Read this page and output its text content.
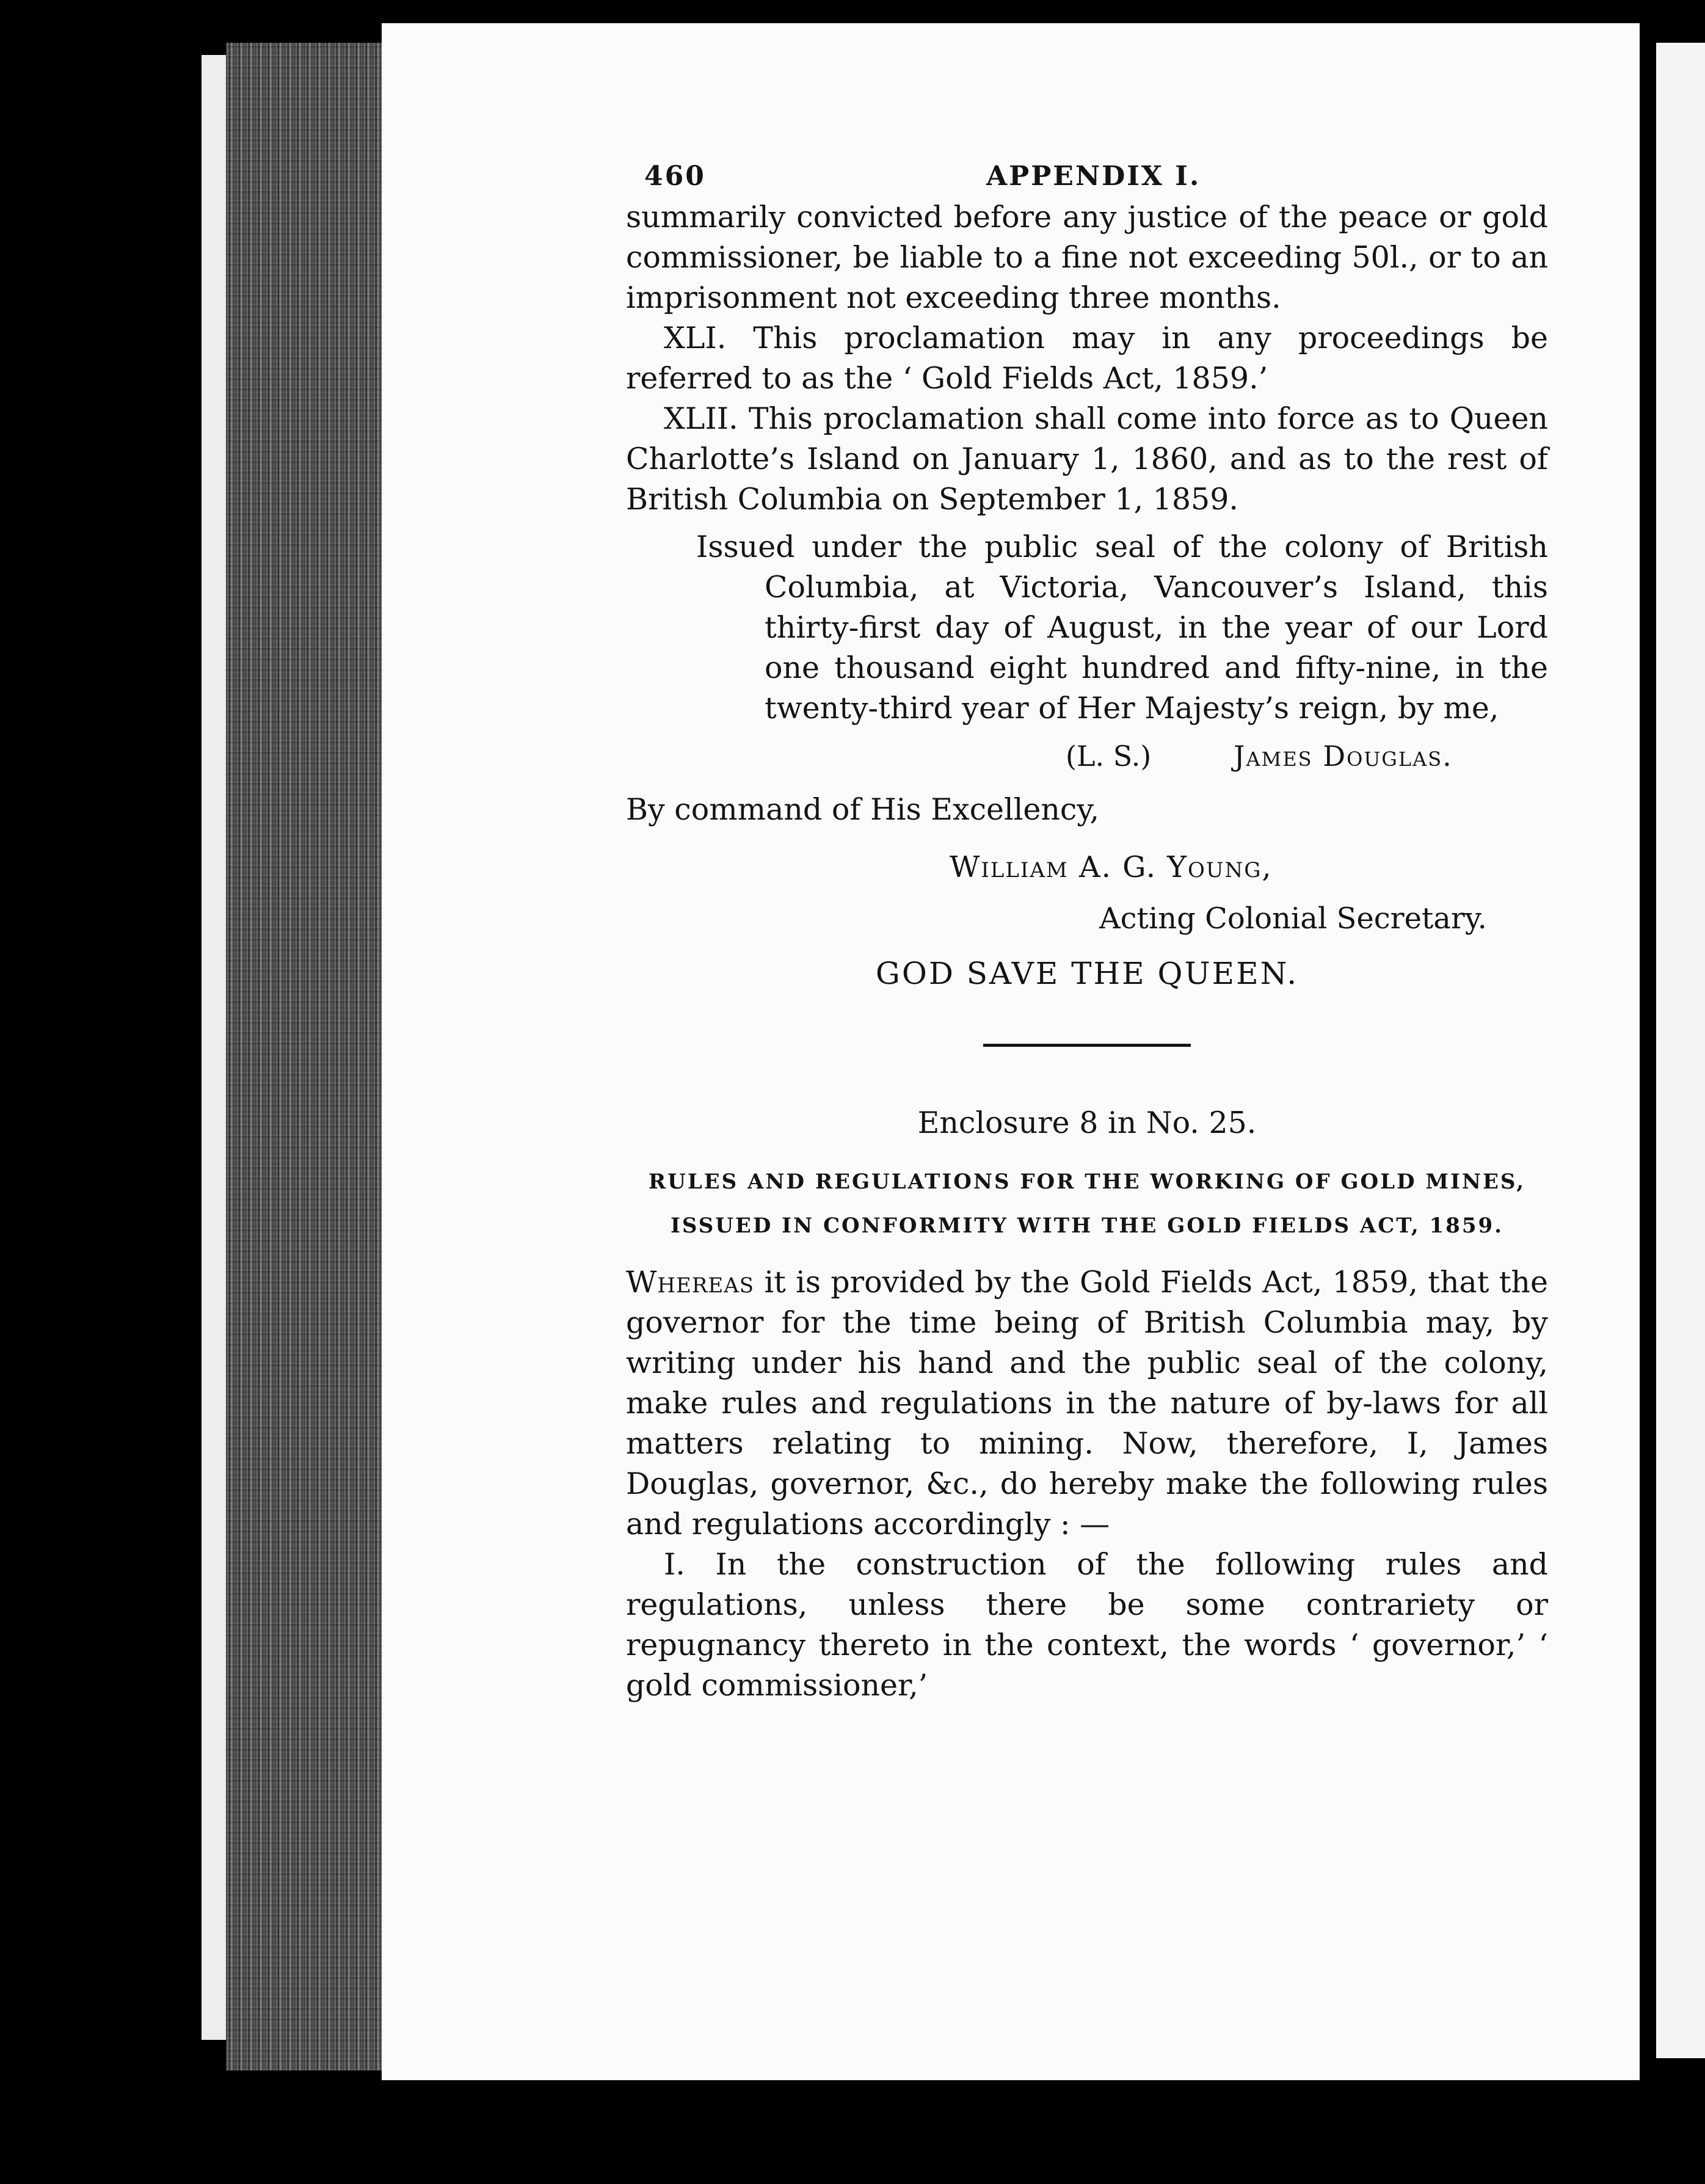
460	APPENDIX I.

summarily convicted before any justice of the peace or gold commissioner, be liable to a fine not exceeding 50l., or to an imprisonment not exceeding three months.

XLI. This proclamation may in any proceedings be referred to as the ‘ Gold Fields Act, 1859.’

XLII. This proclamation shall come into force as to Queen Charlotte’s Island on January 1, 1860, and as to the rest of British Columbia on September 1, 1859.

Issued under the public seal of the colony of British Columbia, at Victoria, Vancouver’s Island, this thirty-first day of August, in the year of our Lord one thousand eight hundred and fifty-nine, in the twenty-third year of Her Majesty’s reign, by me,

(L. S.)	James Douglas.
By command of His Excellency,
William A. G. Young,
Acting Colonial Secretary.
GOD SAVE THE QUEEN.
Enclosure 8 in No. 25.
RULES AND REGULATIONS FOR THE WORKING OF GOLD MINES,
ISSUED IN CONFORMITY WITH THE GOLD FIELDS ACT, 1859.

Whereas it is provided by the Gold Fields Act, 1859, that the governor for the time being of British Columbia may, by writing under his hand and the public seal of the colony, make rules and regulations in the nature of by-laws for all matters relating to mining. Now, therefore, I, James Douglas, governor, &c., do hereby make the following rules and regulations accordingly : —

I. In the construction of the following rules and regulations, unless there be some contrariety or repugnancy thereto in the context, the words ‘ governor,’ ‘ gold commissioner,’
